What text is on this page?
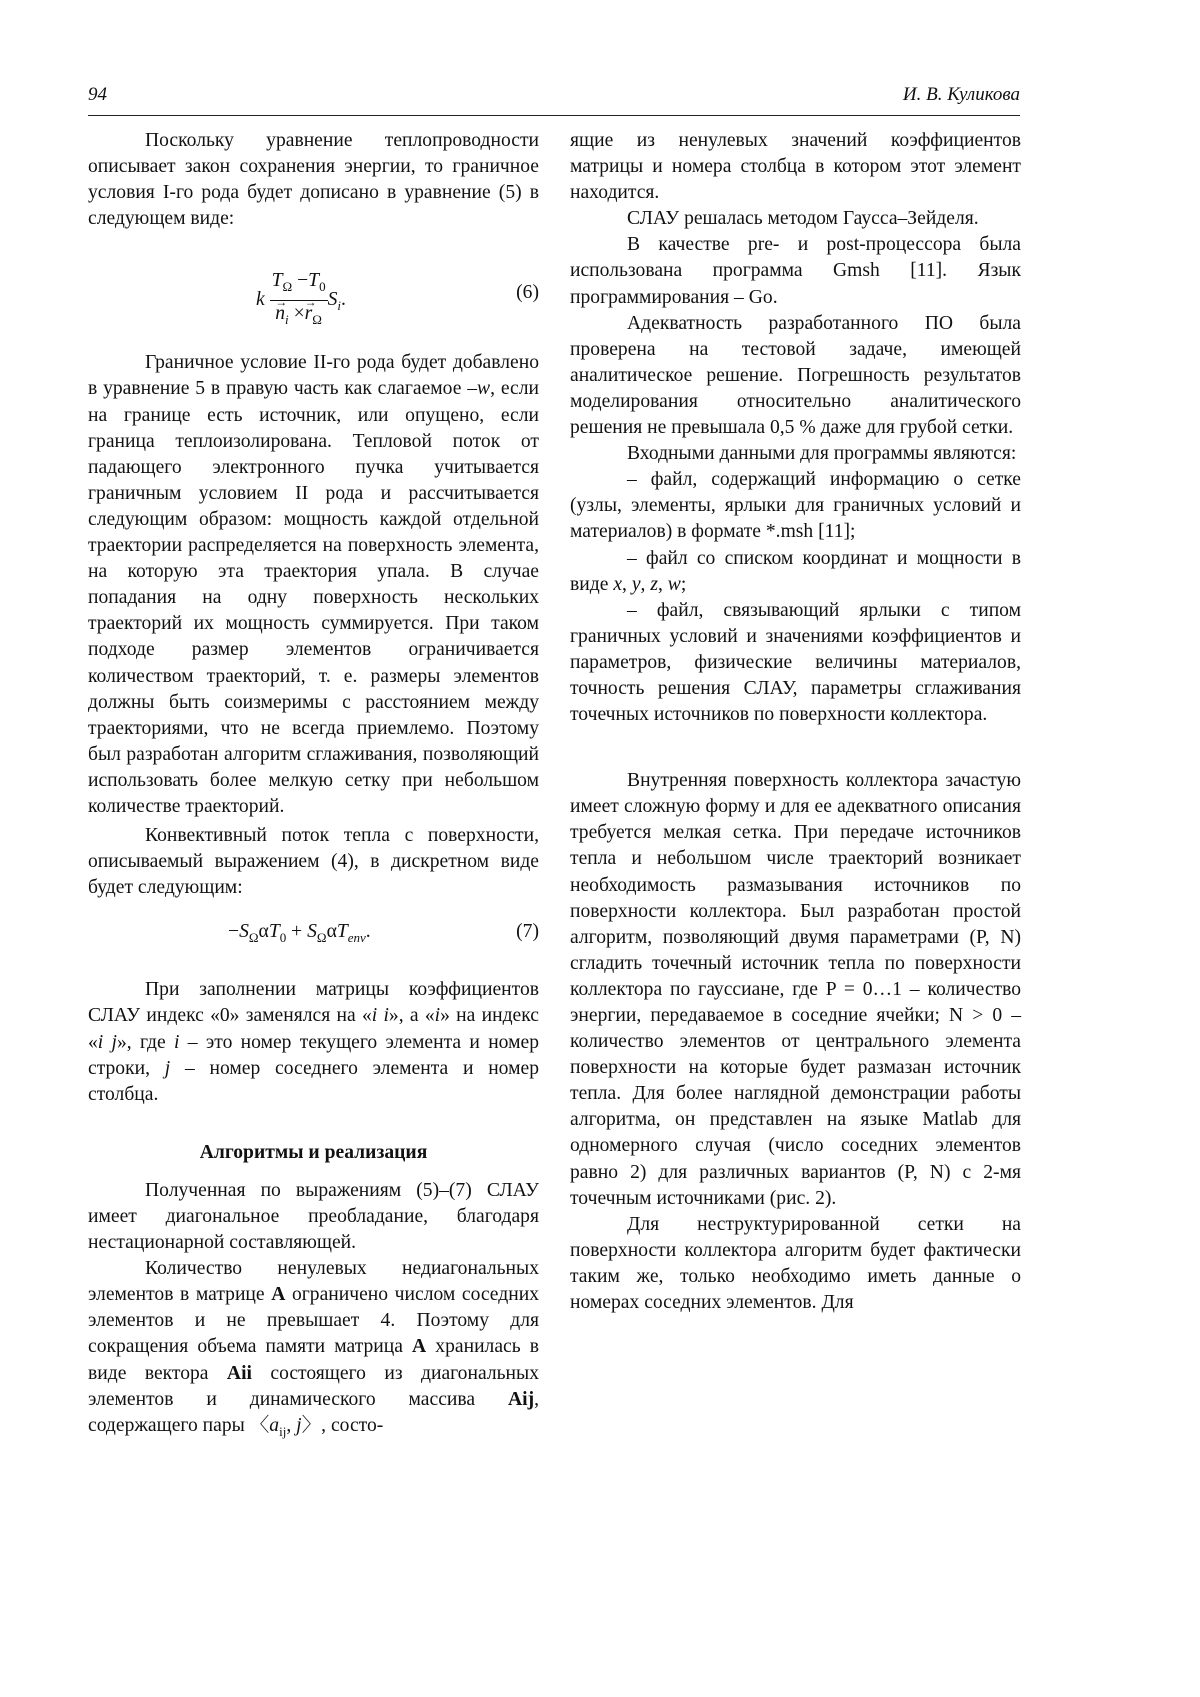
94	И. В. Куликова

Поскольку уравнение теплопроводности описывает закон сохранения энергии, то граничное условия I-го рода будет дописано в уравнение (5) в следующем виде:

k
TΩ −T0
→ ni ×→ rΩ
Si.	(6)

Граничное условие II-го рода будет добавлено в уравнение 5 в правую часть как слагаемое –w, если на границе есть источник, или опущено, если граница теплоизолирована. Тепловой поток от падающего электронного пучка учитывается граничным условием II рода и рассчитывается следующим образом: мощность каждой отдельной траектории распределяется на поверхность элемента, на которую эта траектория упала. В случае попадания на одну поверхность нескольких траекторий их мощность суммируется. При таком подходе размер элементов ограничивается количеством траекторий, т. е. размеры элементов должны быть соизмеримы с расстоянием между траекториями, что не всегда приемлемо. Поэтому был разработан алгоритм сглаживания, позволяющий использовать более мелкую сетку при небольшом количестве траекторий.

Конвективный поток тепла с поверхности, описываемый выражением (4), в дискретном виде будет следующим:

−SΩαT0 + SΩαTenv.	(7)

При заполнении матрицы коэффициентов СЛАУ индекс «0» заменялся на «i i», а «i» на индекс «i j», где i – это номер текущего элемента и номер строки, j – номер соседнего элемента и номер столбца.

Алгоритмы и реализация

Полученная по выражениям (5)–(7) СЛАУ имеет диагональное преобладание, благодаря нестационарной составляющей.

Количество ненулевых недиагональных элементов в матрице A ограничено числом соседних элементов и не превышает 4. Поэтому для сокращения объема памяти матрица A хранилась в виде вектора Aii состоящего из диагональных элементов и динамического массива Aij, содержащего пары 〈aij, j〉, состо-

ящие из ненулевых значений коэффициентов матрицы и номера столбца в котором этот элемент находится.

СЛАУ решалась методом Гаусса–Зейделя.

В качестве pre- и post-процессора была использована программа Gmsh [11]. Язык программирования – Go.

Адекватность разработанного ПО была проверена на тестовой задаче, имеющей аналитическое решение. Погрешность результатов моделирования относительно аналитического решения не превышала 0,5 % даже для грубой сетки.

Входными данными для программы являются:

– файл, содержащий информацию о сетке (узлы, элементы, ярлыки для граничных условий и материалов) в формате *.msh [11];

– файл со списком координат и мощности в виде x, y, z, w;

– файл, связывающий ярлыки с типом граничных условий и значениями коэффициентов и параметров, физические величины материалов, точность решения СЛАУ, параметры сглаживания точечных источников по поверхности коллектора.

Внутренняя поверхность коллектора зачастую имеет сложную форму и для ее адекватного описания требуется мелкая сетка. При передаче источников тепла и небольшом числе траекторий возникает необходимость размазывания источников по поверхности коллектора. Был разработан простой алгоритм, позволяющий двумя параметрами (P, N) сгладить точечный источник тепла по поверхности коллектора по гауссиане, где P = 0…1 – количество энергии, передаваемое в соседние ячейки; N > 0 – количество элементов от центрального элемента поверхности на которые будет размазан источник тепла. Для более наглядной демонстрации работы алгоритма, он представлен на языке Matlab для одномерного случая (число соседних элементов равно 2) для различных вариантов (P, N) с 2-мя точечным источниками (рис. 2).

Для неструктурированной сетки на поверхности коллектора алгоритм будет фактически таким же, только необходимо иметь данные о номерах соседних элементов. Для
